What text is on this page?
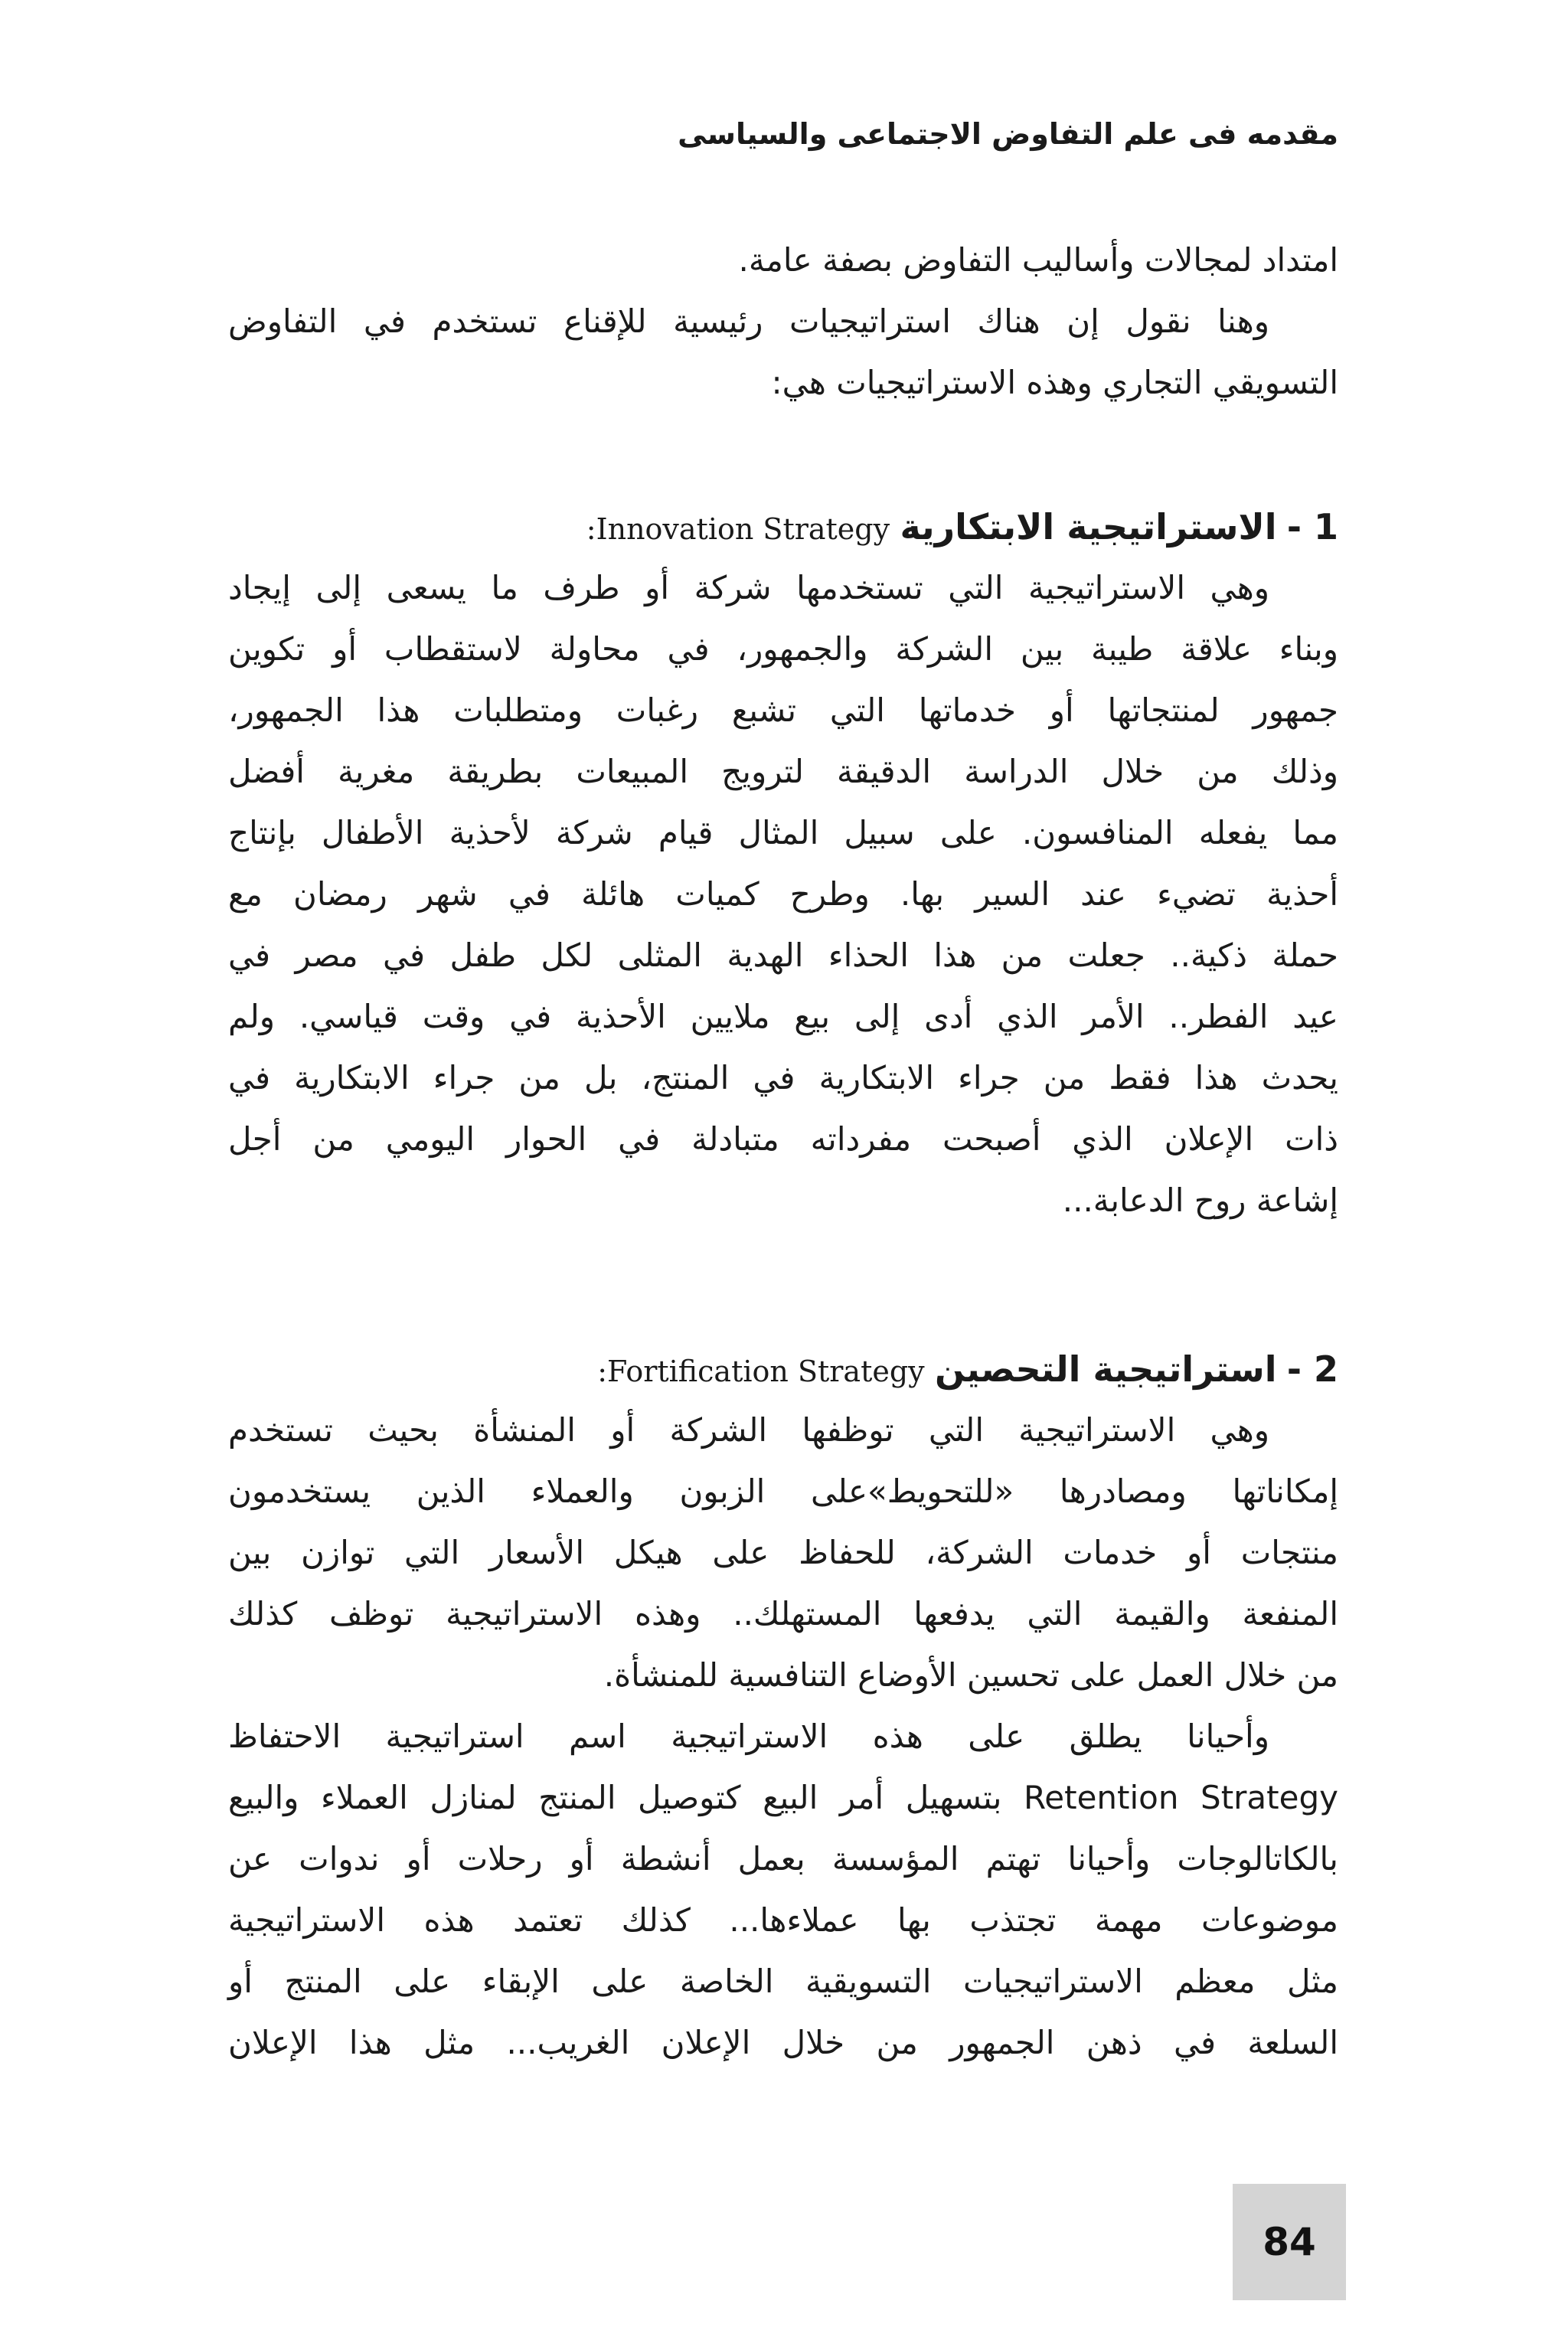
مقدمه فى علم التفاوض الاجتماعى والسياسى
امتداد لمجالات وأساليب التفاوض بصفة عامة.
وهنا نقول إن هناك استراتيجيات رئيسية للإقناع تستخدم في التفاوض
التسويقي التجاري وهذه الاستراتيجيات هي:
1 - الاستراتيجية الابتكارية Innovation Strategy:
وهي الاستراتيجية التي تستخدمها شركة أو طرف ما يسعى إلى إيجاد
وبناء علاقة طيبة بين الشركة والجمهور، في محاولة لاستقطاب أو تكوين
جمهور لمنتجاتها أو خدماتها التي تشبع رغبات ومتطلبات هذا الجمهور،
وذلك من خلال الدراسة الدقيقة لترويج المبيعات بطريقة مغرية أفضل
مما يفعله المنافسون. على سبيل المثال قيام شركة لأحذية الأطفال بإنتاج
أحذية تضيء عند السير بها. وطرح كميات هائلة في شهر رمضان مع
حملة ذكية.. جعلت من هذا الحذاء الهدية المثلى لكل طفل في مصر في
عيد الفطر.. الأمر الذي أدى إلى بيع ملايين الأحذية في وقت قياسي. ولم
يحدث هذا فقط من جراء الابتكارية في المنتج، بل من جراء الابتكارية في
ذات الإعلان الذي أصبحت مفرداته متبادلة في الحوار اليومي من أجل
إشاعة روح الدعابة...
2 - استراتيجية التحصين Fortification Strategy:
وهي الاستراتيجية التي توظفها الشركة أو المنشأة بحيث تستخدم
إمكاناتها ومصادرها «للتحويط»على الزبون والعملاء الذين يستخدمون
منتجات أو خدمات الشركة، للحفاظ على هيكل الأسعار التي توازن بين
المنفعة والقيمة التي يدفعها المستهلك.. وهذه الاستراتيجية توظف كذلك
من خلال العمل على تحسين الأوضاع التنافسية للمنشأة.
وأحيانا يطلق على هذه الاستراتيجية اسم استراتيجية الاحتفاظ
Retention Strategy بتسهيل أمر البيع كتوصيل المنتج لمنازل العملاء والبيع
بالكاتالوجات وأحيانا تهتم المؤسسة بعمل أنشطة أو رحلات أو ندوات عن
موضوعات مهمة تجتذب بها عملاءها... كذلك تعتمد هذه الاستراتيجية
مثل معظم الاستراتيجيات التسويقية الخاصة على الإبقاء على المنتج أو
السلعة في ذهن الجمهور من خلال الإعلان الغريب... مثل هذا الإعلان
84
